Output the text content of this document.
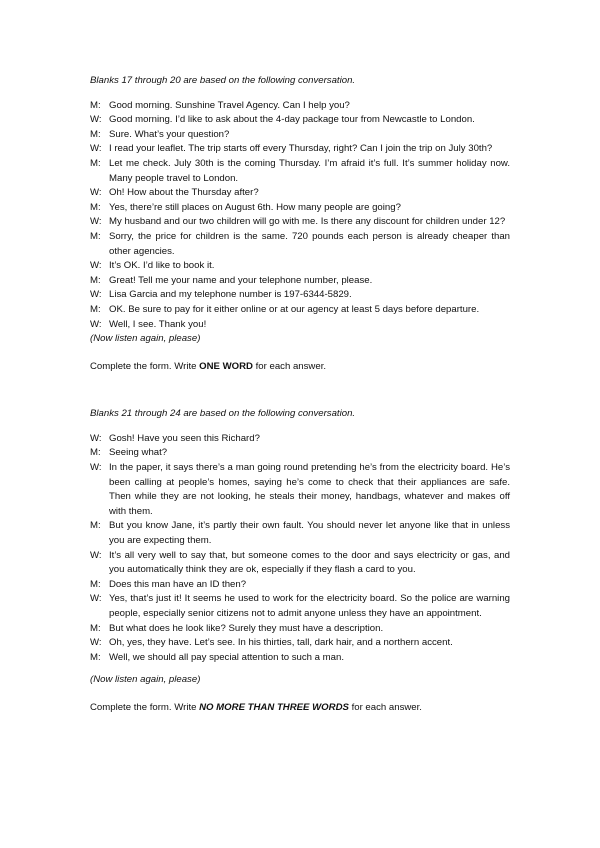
Blanks 17 through 20 are based on the following conversation.

M: Good morning. Sunshine Travel Agency. Can I help you?

W: Good morning. I’d like to ask about the 4-day package tour from Newcastle to London.

M: Sure. What’s your question?

W: I read your leaflet. The trip starts off every Thursday, right? Can I join the trip on July 30th?

M: Let me check. July 30th is the coming Thursday. I’m afraid it’s full. It’s summer holiday now. Many people travel to London.

W: Oh! How about the Thursday after?

M: Yes, there’re still places on August 6th. How many people are going?

W: My husband and our two children will go with me. Is there any discount for children under 12?

M: Sorry, the price for children is the same. 720 pounds each person is already cheaper than other agencies.

W: It’s OK. I’d like to book it.

M: Great! Tell me your name and your telephone number, please.

W: Lisa Garcia and my telephone number is 197-6344-5829.

M: OK. Be sure to pay for it either online or at our agency at least 5 days before departure.

W: Well, I see. Thank you!

(Now listen again, please)

Complete the form. Write ONE WORD for each answer.

Blanks 21 through 24 are based on the following conversation.

W: Gosh! Have you seen this Richard?

M: Seeing what?

W: In the paper, it says there’s a man going round pretending he’s from the electricity board. He’s been calling at people’s homes, saying he’s come to check that their appliances are safe. Then while they are not looking, he steals their money, handbags, whatever and makes off with them.

M: But you know Jane, it’s partly their own fault. You should never let anyone like that in unless you are expecting them.

W: It’s all very well to say that, but someone comes to the door and says electricity or gas, and you automatically think they are ok, especially if they flash a card to you.

M: Does this man have an ID then?

W: Yes, that’s just it! It seems he used to work for the electricity board. So the police are warning people, especially senior citizens not to admit anyone unless they have an appointment.

M: But what does he look like? Surely they must have a description.

W: Oh, yes, they have. Let’s see. In his thirties, tall, dark hair, and a northern accent.

M: Well, we should all pay special attention to such a man.

(Now listen again, please)

Complete the form. Write NO MORE THAN THREE WORDS for each answer.
